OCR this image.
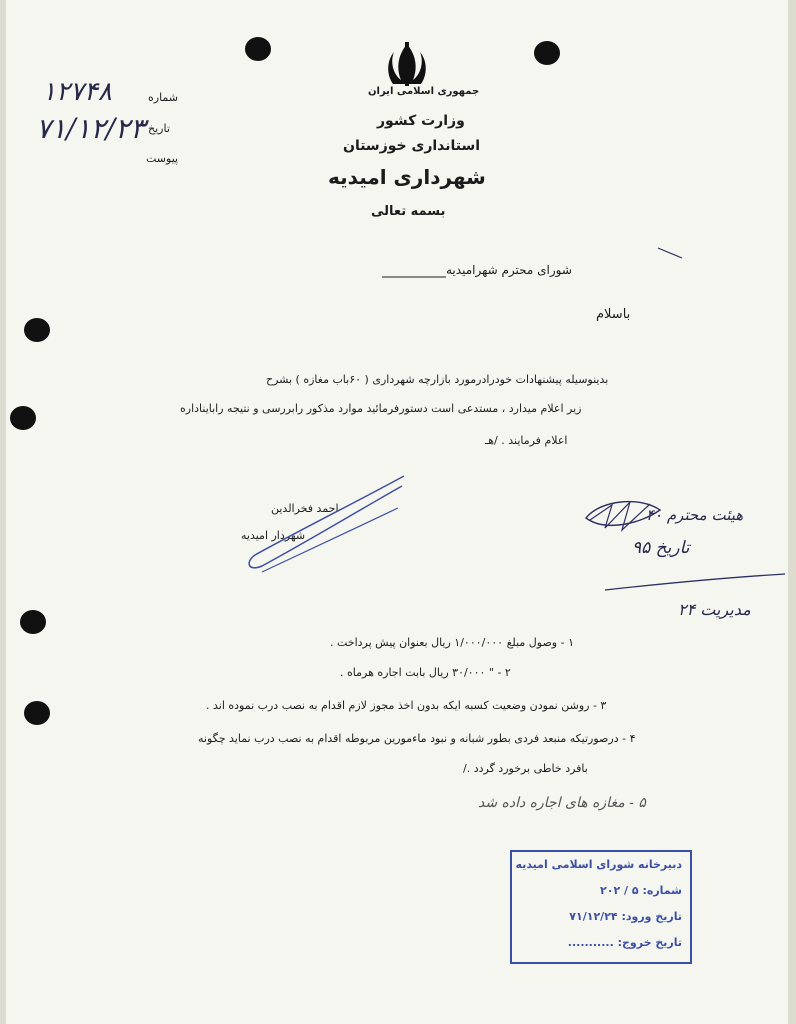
جمهوری اسلامی ایران
وزارت کشور
استانداری خوزستان
شهرداری امیدیه
بسمه تعالی
شماره
۱۲۷۴۸
تاریخ
۷۱/۱۲/۲۳
پیوست
شورای محترم شهرامیدیه
باسلام
بدینوسیله پیشنهادات خودرادرمورد بازارچه شهرداری ( ۶۰باب مغازه ) بشرح
زیر اعلام میدارد ، مستدعی است دستورفرمائید موارد مذکور رابررسی و نتیجه رابایناداره
اعلام فرمایند . /هـ
احمد فخرالدین
شهردار امیدیه
هیئت محترم ۴۰
تاریخ ۹۵
مدیریت ۲۴
۱ - وصول مبلغ ۱/۰۰۰/۰۰۰ ریال بعنوان پیش پرداخت .
۲ - " ۳۰/۰۰۰ ریال بابت اجاره هرماه .
۳ - روشن نمودن وضعیت کسبه ایکه بدون اخذ مجوز لازم اقدام به نصب درب نموده اند .
۴ - درصورتیکه منبعد فردی بطور شبانه و نبود ماءمورین مربوطه اقدام به نصب درب نماید چگونه
بافرد خاطی برخورد گردد ./
۵ - مغازه های اجاره داده شد
دبیرخانه شورای اسلامی امیدیه
شماره: ۵ / ۲۰۲
تاریخ ورود: ۷۱/۱۲/۲۴
تاریخ خروج: ...........
